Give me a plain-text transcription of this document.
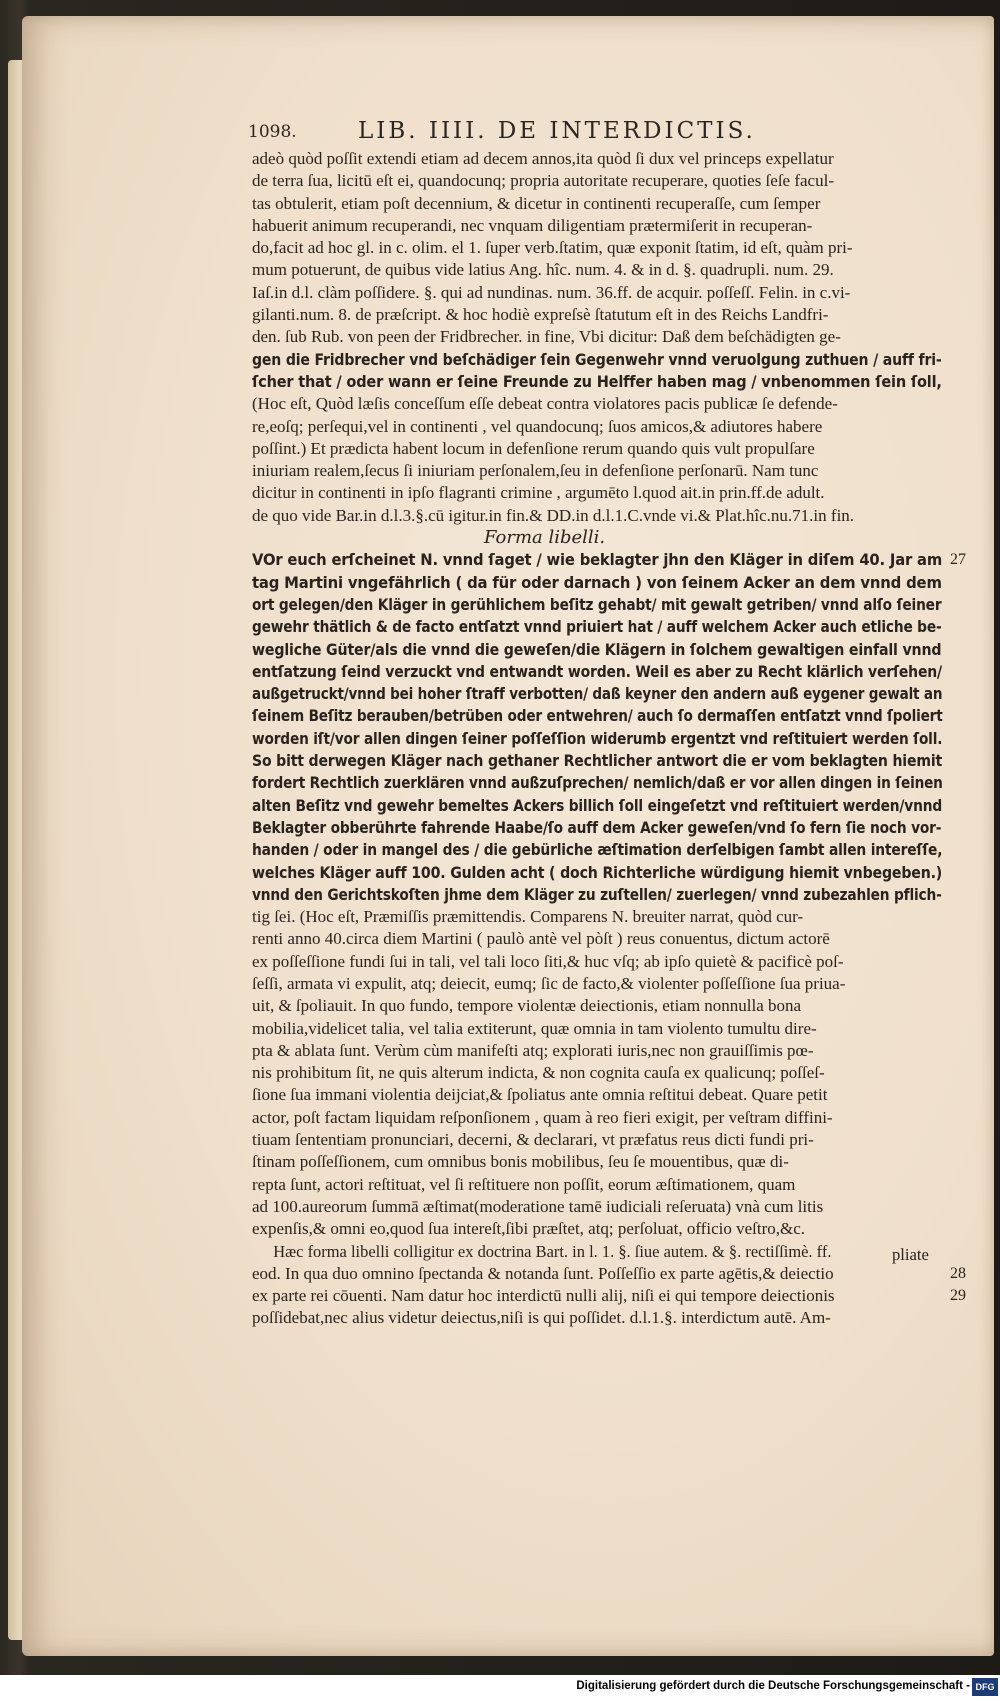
1098.	LIB. IIII. DE INTERDICTIS.
adeò quòd poſſit extendi etiam ad decem annos,ita quòd ſi dux vel princeps expellatur
de terra ſua, licitū eſt ei, quandocunq; propria autoritate recuperare, quoties ſeſe facul-
tas obtulerit, etiam poſt decennium, & dicetur in continenti recuperaſſe, cum ſemper
habuerit animum recuperandi, nec vnquam diligentiam prætermiſerit in recuperan-
do,facit ad hoc gl. in c. olim. el 1. ſuper verb.ſtatim, quæ exponit ſtatim, id eſt, quàm pri-
mum potuerunt, de quibus vide latius Ang. hîc. num. 4. & in d. §. quadrupli. num. 29.
Iaſ.in d.l. clàm poſſidere. §. qui ad nundinas. num. 36.ff. de acquir. poſſeſſ. Felin. in c.vi-
gilanti.num. 8. de præſcript. & hoc hodiè expreſsè ſtatutum eſt in des Reichs Landfri-
den. ſub Rub. von peen der Fridbrecher. in fine, Vbi dicitur: Daß dem beſchädigten ge-
gen die Fridbrecher vnd beſchädiger ſein Gegenwehr vnnd veruolgung zuthuen / auff fri-
ſcher that / oder wann er ſeine Freunde zu Helffer haben mag / vnbenommen ſein ſoll,
(Hoc eſt, Quòd læſis conceſſum eſſe debeat contra violatores pacis publicæ ſe defende-
re,eoſq; perſequi,vel in continenti , vel quandocunq; ſuos amicos,& adiutores habere
poſſint.) Et prædicta habent locum in defenſione rerum quando quis vult propulſare
iniuriam realem,ſecus ſi iniuriam perſonalem,ſeu in defenſione perſonarū. Nam tunc
dicitur in continenti in ipſo flagranti crimine , argumēto l.quod ait.in prin.ff.de adult.
de quo vide Bar.in d.l.3.§.cū igitur.in fin.& DD.in d.l.1.C.vnde vi.& Plat.hîc.nu.71.in fin.
Forma libelli.
VOr euch erſcheinet N. vnnd ſaget / wie beklagter jhn den Kläger in diſem 40. Jar am
tag Martini vngefährlich ( da für oder darnach ) von ſeinem Acker an dem vnnd dem
ort gelegen/den Kläger in gerühlichem beſitz gehabt/ mit gewalt getriben/ vnnd alſo ſeiner
gewehr thätlich & de facto entſatzt vnnd priuiert hat / auff welchem Acker auch etliche be-
wegliche Güter/als die vnnd die geweſen/die Klägern in ſolchem gewaltigen einfall vnnd
entſatzung ſeind verzuckt vnd entwandt worden. Weil es aber zu Recht klärlich verſehen/
außgetruckt/vnnd bei hoher ſtraff verbotten/ daß keyner den andern auß eygener gewalt an
ſeinem Beſitz berauben/betrüben oder entwehren/ auch ſo dermaſſen entſatzt vnnd ſpoliert
worden iſt/vor allen dingen ſeiner poſſeſſion widerumb ergentzt vnd reſtituiert werden ſoll.
So bitt derwegen Kläger nach gethaner Rechtlicher antwort die er vom beklagten hiemit
fordert Rechtlich zuerklären vnnd außzuſprechen/ nemlich/daß er vor allen dingen in ſeinen
alten Beſitz vnd gewehr bemeltes Ackers billich ſoll eingeſetzt vnd reſtituiert werden/vnnd
Beklagter obberührte fahrende Haabe/ſo auff dem Acker geweſen/vnd ſo fern ſie noch vor-
handen / oder in mangel des / die gebürliche æſtimation derſelbigen ſambt allen intereſſe,
welches Kläger auff 100. Gulden acht ( doch Richterliche würdigung hiemit vnbegeben.)
vnnd den Gerichtskoſten jhme dem Kläger zu zuſtellen/ zuerlegen/ vnnd zubezahlen pflich-
tig ſei. (Hoc eſt, Præmiſſis præmittendis. Comparens N. breuiter narrat, quòd cur-
renti anno 40.circa diem Martini ( paulò antè vel pòſt ) reus conuentus, dictum actorē
ex poſſeſſione fundi ſui in tali, vel tali loco ſiti,& huc vſq; ab ipſo quietè & pacificè poſ-
ſeſſi, armata vi expulit, atq; deiecit, eumq; ſic de facto,& violenter poſſeſſione ſua priua-
uit, & ſpoliauit. In quo fundo, tempore violentæ deiectionis, etiam nonnulla bona
mobilia,videlicet talia, vel talia extiterunt, quæ omnia in tam violento tumultu dire-
pta & ablata ſunt. Verùm cùm manifeſti atq; explorati iuris,nec non grauiſſimis pœ-
nis prohibitum ſit, ne quis alterum indicta, & non cognita cauſa ex qualicunq; poſſeſ-
ſione ſua immani violentia deijciat,& ſpoliatus ante omnia reſtitui debeat. Quare petit
actor, poſt factam liquidam reſponſionem , quam à reo fieri exigit, per veſtram diffini-
tiuam ſententiam pronunciari, decerni, & declarari, vt præfatus reus dicti fundi pri-
ſtinam poſſeſſionem, cum omnibus bonis mobilibus, ſeu ſe mouentibus, quæ di-
repta ſunt, actori reſtituat, vel ſi reſtituere non poſſit, eorum æſtimationem, quam
ad 100.aureorum ſummā æſtimat(moderatione tamē iudiciali reſeruata) vnà cum litis
expenſis,& omni eo,quod ſua intereſt,ſibi præſtet, atq; perſoluat, officio veſtro,&c.
Hæc forma libelli colligitur ex doctrina Bart. in l. 1. §. ſiue autem. & §. rectiſſimè. ff.
eod. In qua duo omnino ſpectanda & notanda ſunt. Poſſeſſio ex parte agētis,& deiectio
ex parte rei cōuenti. Nam datur hoc interdictū nulli alij, niſi ei qui tempore deiectionis
poſſidebat,nec alius videtur deiectus,niſi is qui poſſidet. d.l.1.§. interdictum autē. Am-
pliate
Digitalisierung gefördert durch die Deutsche Forschungsgemeinschaft - DFG
27
28
29
